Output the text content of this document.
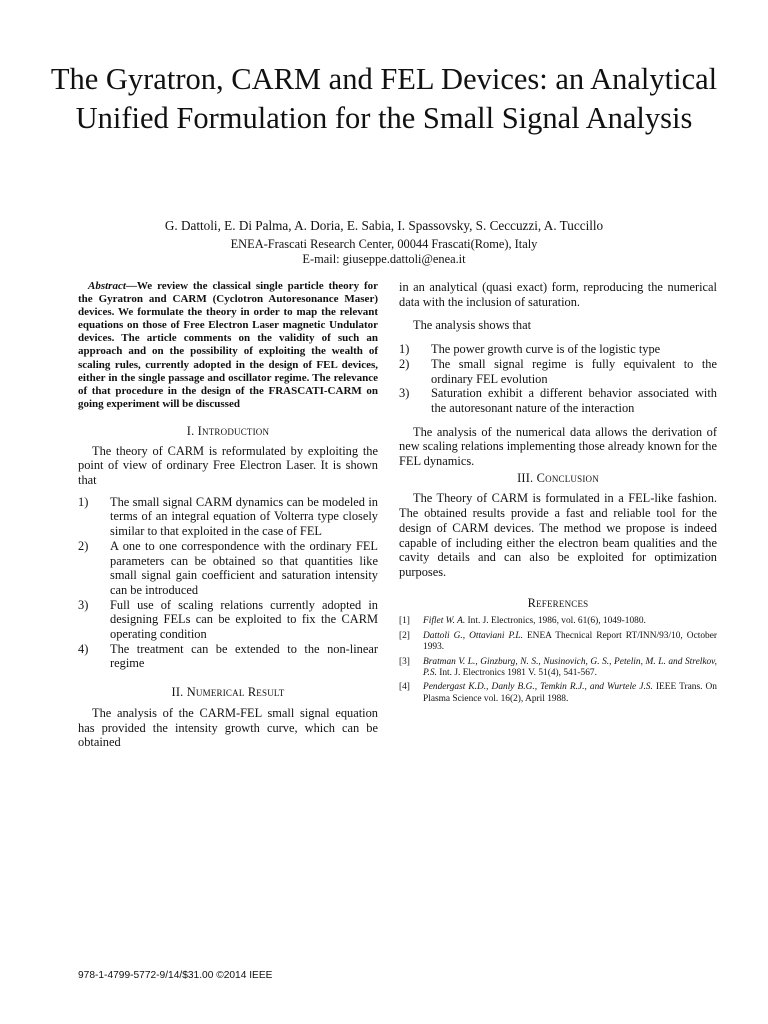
The Gyratron, CARM and FEL Devices: an Analytical Unified Formulation for the Small Signal Analysis
G. Dattoli, E. Di Palma, A. Doria, E. Sabia, I. Spassovsky, S. Ceccuzzi, A. Tuccillo
ENEA-Frascati Research Center, 00044 Frascati(Rome), Italy
E-mail: giuseppe.dattoli@enea.it

Abstract—We review the classical single particle theory for the Gyratron and CARM (Cyclotron Autoresonance Maser) devices. We formulate the theory in order to map the relevant equations on those of Free Electron Laser magnetic Undulator devices. The article comments on the validity of such an approach and on the possibility of exploiting the wealth of scaling rules, currently adopted in the design of FEL devices, either in the single passage and oscillator regime. The relevance of that procedure in the design of the FRASCATI-CARM on going experiment will be discussed

I. Introduction

The theory of CARM is reformulated by exploiting the point of view of ordinary Free Electron Laser. It is shown that

1)	The small signal CARM dynamics can be modeled in terms of an integral equation of Volterra type closely similar to that exploited in the case of FEL
2)	A one to one correspondence with the ordinary FEL parameters can be obtained so that quantities like small signal gain coefficient and saturation intensity can be introduced
3)	Full use of scaling relations currently adopted in designing FELs can be exploited to fix the CARM operating condition
4)	The treatment can be extended to the non-linear regime
II. Numerical Result

The analysis of the CARM-FEL small signal equation has provided the intensity growth curve, which can be obtained

in an analytical (quasi exact) form, reproducing the numerical data with the inclusion of saturation.

The analysis shows that

1)	The power growth curve is of the logistic type
2)	The small signal regime is fully equivalent to the ordinary FEL evolution
3)	Saturation exhibit a different behavior associated with the autoresonant nature of the interaction

The analysis of the numerical data allows the derivation of new scaling relations implementing those already known for the FEL dynamics.

III. Conclusion

The Theory of CARM is formulated in a FEL-like fashion. The obtained results provide a fast and reliable tool for the design of CARM devices. The method we propose is indeed capable of including either the electron beam qualities and the cavity details and can also be exploited for optimization purposes.

References
[1]	Fiflet W. A. Int. J. Electronics, 1986, vol. 61(6), 1049-1080.
[2]	Dattoli G., Ottaviani P.L. ENEA Thecnical Report RT/INN/93/10, October 1993.
[3]	Bratman V. L., Ginzburg, N. S., Nusinovich, G. S., Petelin, M. L. and Strelkov, P.S. Int. J. Electronics 1981 V. 51(4), 541-567.
[4]	Pendergast K.D., Danly B.G., Temkin R.J., and Wurtele J.S. IEEE Trans. On Plasma Science vol. 16(2), April 1988.
978-1-4799-5772-9/14/$31.00 ©2014 IEEE
